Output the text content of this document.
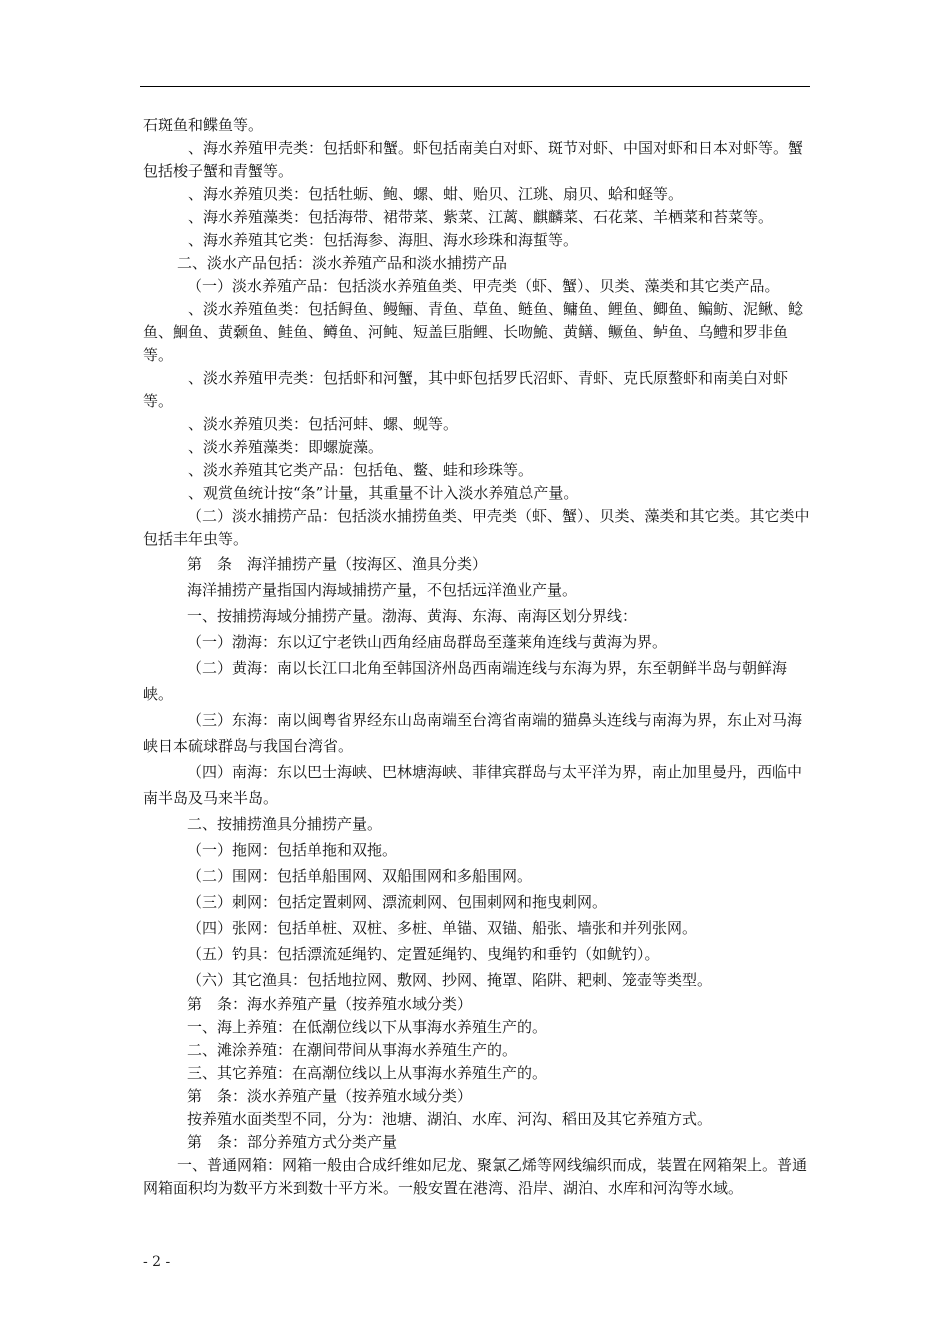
石斑鱼和鲽鱼等。

、海水养殖甲壳类：包括虾和蟹。虾包括南美白对虾、斑节对虾、中国对虾和日本对虾等。蟹包括梭子蟹和青蟹等。

、海水养殖贝类：包括牡蛎、鲍、螺、蚶、贻贝、江珧、扇贝、蛤和蛏等。

、海水养殖藻类：包括海带、裙带菜、紫菜、江蓠、麒麟菜、石花菜、羊栖菜和苔菜等。

、海水养殖其它类：包括海参、海胆、海水珍珠和海蜇等。

二、淡水产品包括：淡水养殖产品和淡水捕捞产品

（一）淡水养殖产品：包括淡水养殖鱼类、甲壳类（虾、蟹）、贝类、藻类和其它类产品。

、淡水养殖鱼类：包括鲟鱼、鳗鲡、青鱼、草鱼、鲢鱼、鳙鱼、鲤鱼、鲫鱼、鳊鲂、泥鳅、鲶鱼、鮰鱼、黄颡鱼、鲑鱼、鳟鱼、河鲀、短盖巨脂鲤、长吻鮠、黄鳝、鳜鱼、鲈鱼、乌鳢和罗非鱼等。

、淡水养殖甲壳类：包括虾和河蟹，其中虾包括罗氏沼虾、青虾、克氏原螯虾和南美白对虾等。

、淡水养殖贝类：包括河蚌、螺、蚬等。

、淡水养殖藻类：即螺旋藻。

、淡水养殖其它类产品：包括龟、鳖、蛙和珍珠等。

、观赏鱼统计按“条”计量，其重量不计入淡水养殖总产量。

（二）淡水捕捞产品：包括淡水捕捞鱼类、甲壳类（虾、蟹）、贝类、藻类和其它类。其它类中包括丰年虫等。

第　条　海洋捕捞产量（按海区、渔具分类）

海洋捕捞产量指国内海域捕捞产量，不包括远洋渔业产量。

一、按捕捞海域分捕捞产量。渤海、黄海、东海、南海区划分界线：

（一）渤海：东以辽宁老铁山西角经庙岛群岛至蓬莱角连线与黄海为界。

（二）黄海：南以长江口北角至韩国济州岛西南端连线与东海为界，东至朝鲜半岛与朝鲜海峡。

（三）东海：南以闽粤省界经东山岛南端至台湾省南端的猫鼻头连线与南海为界，东止对马海峡日本硫球群岛与我国台湾省。

（四）南海：东以巴士海峡、巴林塘海峡、菲律宾群岛与太平洋为界，南止加里曼丹，西临中南半岛及马来半岛。

二、按捕捞渔具分捕捞产量。

（一）拖网：包括单拖和双拖。

（二）围网：包括单船围网、双船围网和多船围网。

（三）刺网：包括定置刺网、漂流刺网、包围刺网和拖曳刺网。

（四）张网：包括单桩、双桩、多桩、单锚、双锚、船张、墙张和并列张网。

（五）钓具：包括漂流延绳钓、定置延绳钓、曳绳钓和垂钓（如鱿钓）。

（六）其它渔具：包括地拉网、敷网、抄网、掩罩、陷阱、耙刺、笼壶等类型。

第　条：海水养殖产量（按养殖水域分类）

一、海上养殖：在低潮位线以下从事海水养殖生产的。

二、滩涂养殖：在潮间带间从事海水养殖生产的。

三、其它养殖：在高潮位线以上从事海水养殖生产的。

第　条：淡水养殖产量（按养殖水域分类）

按养殖水面类型不同，分为：池塘、湖泊、水库、河沟、稻田及其它养殖方式。

第　条：部分养殖方式分类产量

一、普通网箱：网箱一般由合成纤维如尼龙、聚氯乙烯等网线编织而成，装置在网箱架上。普通网箱面积均为数平方米到数十平方米。一般安置在港湾、沿岸、湖泊、水库和河沟等水域。

- 2 -
